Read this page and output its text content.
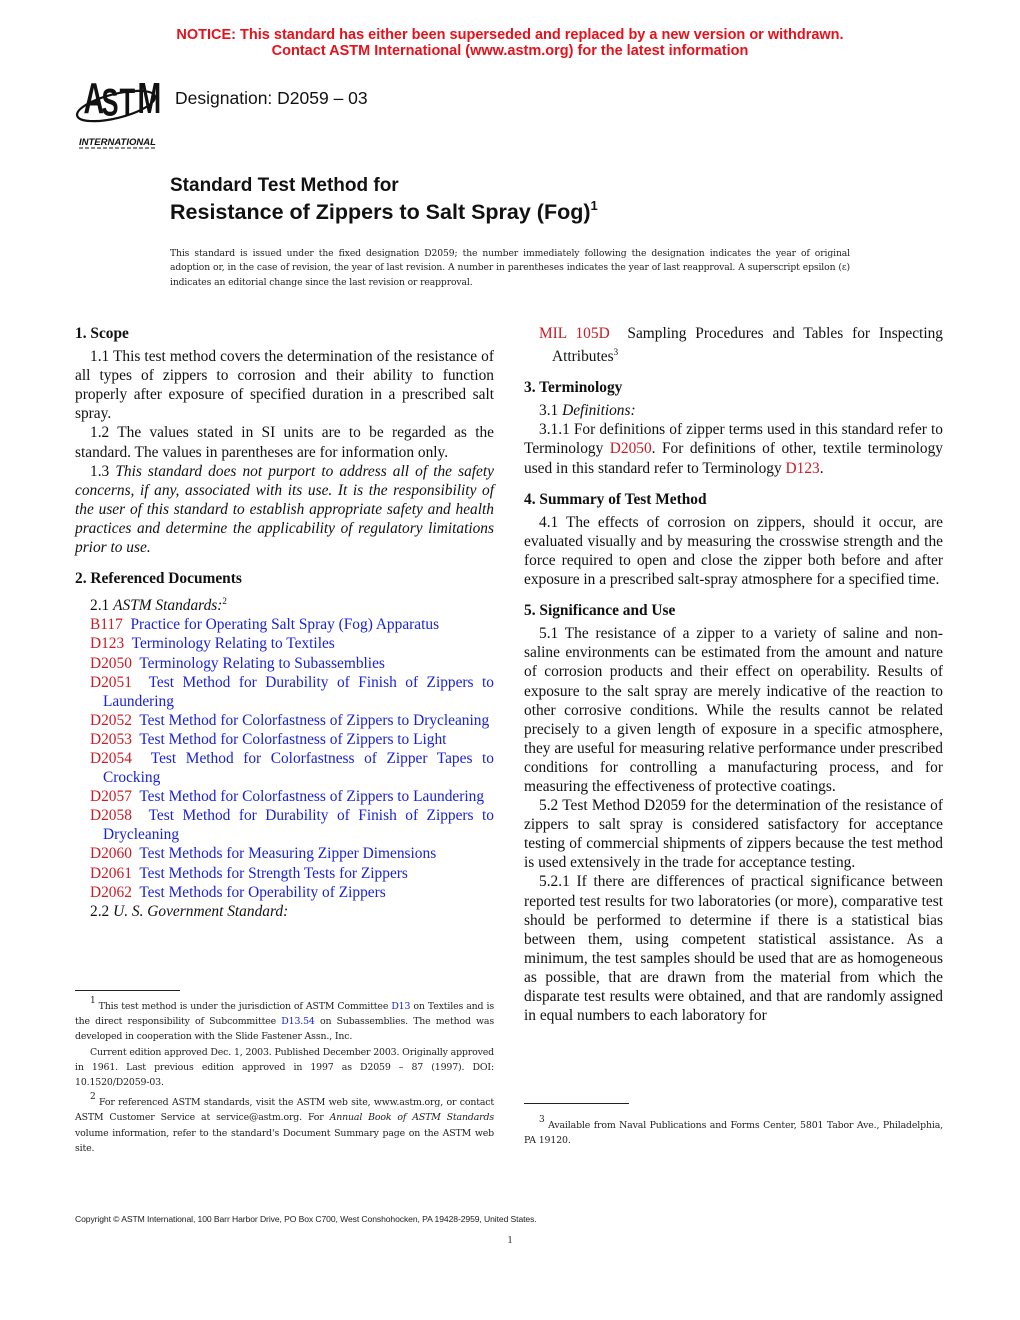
NOTICE: This standard has either been superseded and replaced by a new version or withdrawn.
Contact ASTM International (www.astm.org) for the latest information
A
S T M
INTERNATIONAL
Designation: D2059 – 03
Standard Test Method for
Resistance of Zippers to Salt Spray (Fog)$^1$
This standard is issued under the fixed designation D2059; the number immediately following the designation indicates the year of original adoption or, in the case of revision, the year of last revision. A number in parentheses indicates the year of last reapproval. A superscript epsilon (ε) indicates an editorial change since the last revision or reapproval.
1. Scope

1.1 This test method covers the determination of the resistance of all types of zippers to corrosion and their ability to function properly after exposure of specified duration in a prescribed salt spray.

1.2 The values stated in SI units are to be regarded as the standard. The values in parentheses are for information only.

1.3 This standard does not purport to address all of the safety concerns, if any, associated with its use. It is the responsibility of the user of this standard to establish appropriate safety and health practices and determine the applicability of regulatory limitations prior to use.

2. Referenced Documents

2.1 ASTM Standards:$^2$

B117 Practice for Operating Salt Spray (Fog) Apparatus

D123 Terminology Relating to Textiles

D2050 Terminology Relating to Subassemblies

D2051 Test Method for Durability of Finish of Zippers to Laundering

D2052 Test Method for Colorfastness of Zippers to Drycleaning

D2053 Test Method for Colorfastness of Zippers to Light

D2054 Test Method for Colorfastness of Zipper Tapes to Crocking

D2057 Test Method for Colorfastness of Zippers to Laundering

D2058 Test Method for Durability of Finish of Zippers to Drycleaning

D2060 Test Methods for Measuring Zipper Dimensions

D2061 Test Methods for Strength Tests for Zippers

D2062 Test Methods for Operability of Zippers

2.2 U. S. Government Standard:

MIL 105D Sampling Procedures and Tables for Inspecting Attributes$^3$

3. Terminology

3.1 Definitions:

3.1.1 For definitions of zipper terms used in this standard refer to Terminology D2050. For definitions of other, textile terminology used in this standard refer to Terminology D123.

4. Summary of Test Method

4.1 The effects of corrosion on zippers, should it occur, are evaluated visually and by measuring the crosswise strength and the force required to open and close the zipper both before and after exposure in a prescribed salt-spray atmosphere for a specified time.

5. Significance and Use

5.1 The resistance of a zipper to a variety of saline and non-saline environments can be estimated from the amount and nature of corrosion products and their effect on operability. Results of exposure to the salt spray are merely indicative of the reaction to other corrosive conditions. While the results cannot be related precisely to a given length of exposure in a specific atmosphere, they are useful for measuring relative performance under prescribed conditions for controlling a manufacturing process, and for measuring the effectiveness of protective coatings.

5.2 Test Method D2059 for the determination of the resistance of zippers to salt spray is considered satisfactory for acceptance testing of commercial shipments of zippers because the test method is used extensively in the trade for acceptance testing.

5.2.1 If there are differences of practical significance between reported test results for two laboratories (or more), comparative test should be performed to determine if there is a statistical bias between them, using competent statistical assistance. As a minimum, the test samples should be used that are as homogeneous as possible, that are drawn from the material from which the disparate test results were obtained, and that are randomly assigned in equal numbers to each laboratory for

1 This test method is under the jurisdiction of ASTM Committee D13 on Textiles and is the direct responsibility of Subcommittee D13.54 on Subassemblies. The method was developed in cooperation with the Slide Fastener Assn., Inc.

Current edition approved Dec. 1, 2003. Published December 2003. Originally approved in 1961. Last previous edition approved in 1997 as D2059 – 87 (1997). DOI: 10.1520/D2059-03.

2 For referenced ASTM standards, visit the ASTM web site, www.astm.org, or contact ASTM Customer Service at service@astm.org. For Annual Book of ASTM Standards volume information, refer to the standard's Document Summary page on the ASTM web site.

3 Available from Naval Publications and Forms Center, 5801 Tabor Ave., Philadelphia, PA 19120.

Copyright © ASTM International, 100 Barr Harbor Drive, PO Box C700, West Conshohocken, PA 19428-2959, United States.
1
